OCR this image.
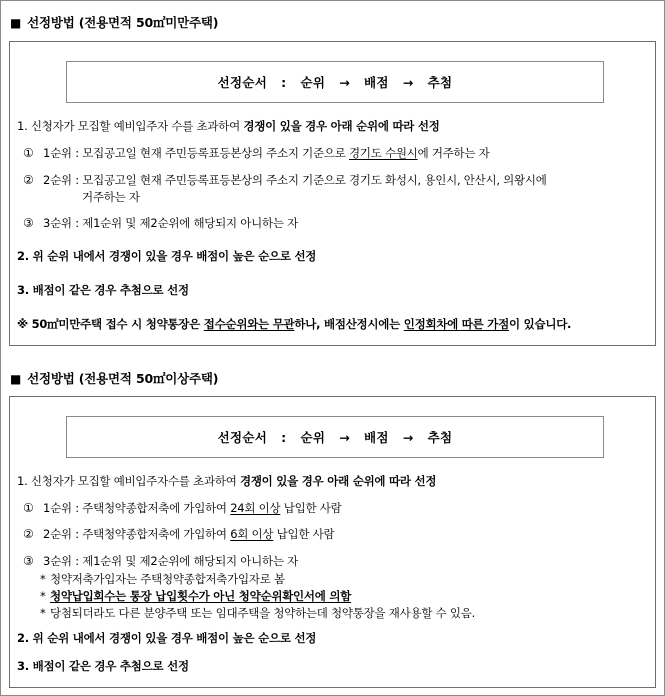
■ 선정방법 (전용면적 50㎡미만주택)
선정순서 : 순위 → 배점 → 추첨
1. 신청자가 모집할 예비입주자 수를 초과하여 경쟁이 있을 경우 아래 순위에 따라 선정
① 1순위 : 모집공고일 현재 주민등록표등본상의 주소지 기준으로 경기도 수원시에 거주하는 자
② 2순위 : 모집공고일 현재 주민등록표등본상의 주소지 기준으로 경기도 화성시, 용인시, 안산시, 의왕시에
거주하는 자
③ 3순위 : 제1순위 및 제2순위에 해당되지 아니하는 자
2. 위 순위 내에서 경쟁이 있을 경우 배점이 높은 순으로 선정
3. 배점이 같은 경우 추첨으로 선정
※ 50㎡미만주택 접수 시 청약통장은 접수순위와는 무관하나, 배점산정시에는 인정회차에 따른 가점이 있습니다.
■ 선정방법 (전용면적 50㎡이상주택)
선정순서 : 순위 → 배점 → 추첨
1. 신청자가 모집할 예비입주자수를 초과하여 경쟁이 있을 경우 아래 순위에 따라 선정
① 1순위 : 주택청약종합저축에 가입하여 24회 이상 납입한 사람
② 2순위 : 주택청약종합저축에 가입하여 6회 이상 납입한 사람
③ 3순위 : 제1순위 및 제2순위에 해당되지 아니하는 자
* 청약저축가입자는 주택청약종합저축가입자로 봄
* 청약납입회수는 통장 납입횟수가 아닌 청약순위확인서에 의함
* 당첨되더라도 다른 분양주택 또는 임대주택을 청약하는데 청약통장을 재사용할 수 있음.
2. 위 순위 내에서 경쟁이 있을 경우 배점이 높은 순으로 선정
3. 배점이 같은 경우 추첨으로 선정
